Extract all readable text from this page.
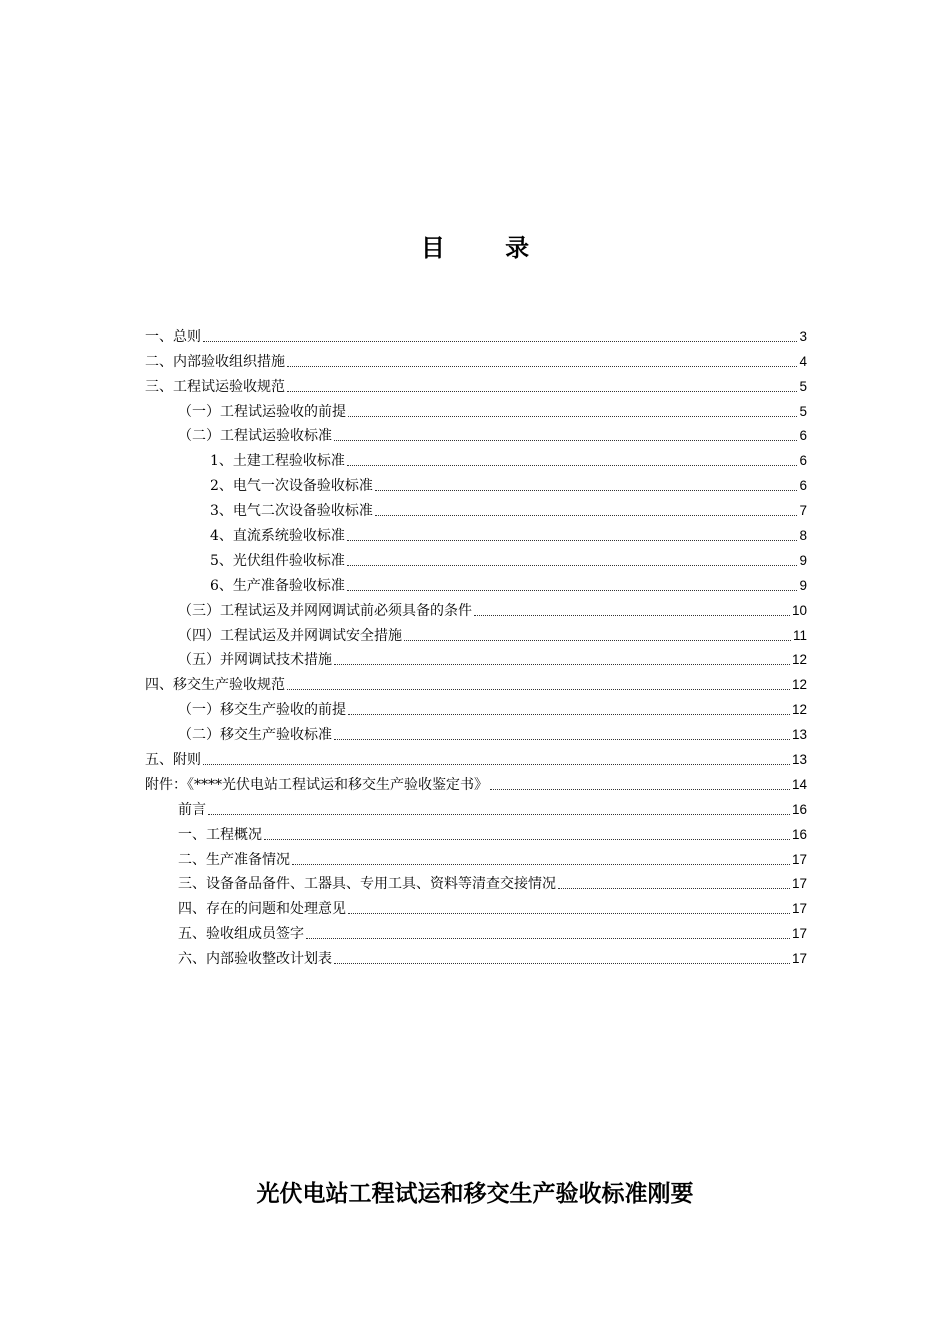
目 录
一、总则	3
二、内部验收组织措施	4
三、工程试运验收规范	5
（一）工程试运验收的前提	5
（二）工程试运验收标准	6
1、土建工程验收标准	6
2、电气一次设备验收标准	6
3、电气二次设备验收标准	7
4、直流系统验收标准	8
5、光伏组件验收标准	9
6、生产准备验收标准	9
（三）工程试运及并网网调试前必须具备的条件	10
（四）工程试运及并网调试安全措施	11
（五）并网调试技术措施	12
四、移交生产验收规范	12
（一）移交生产验收的前提	12
（二）移交生产验收标准	13
五、附则	13
附件：《****光伏电站工程试运和移交生产验收鉴定书》	14
前言	16
一、工程概况	16
二、生产准备情况	17
三、设备备品备件、工器具、专用工具、资料等清查交接情况	17
四、存在的问题和处理意见	17
五、验收组成员签字	17
六、内部验收整改计划表	17
光伏电站工程试运和移交生产验收标准刚要
